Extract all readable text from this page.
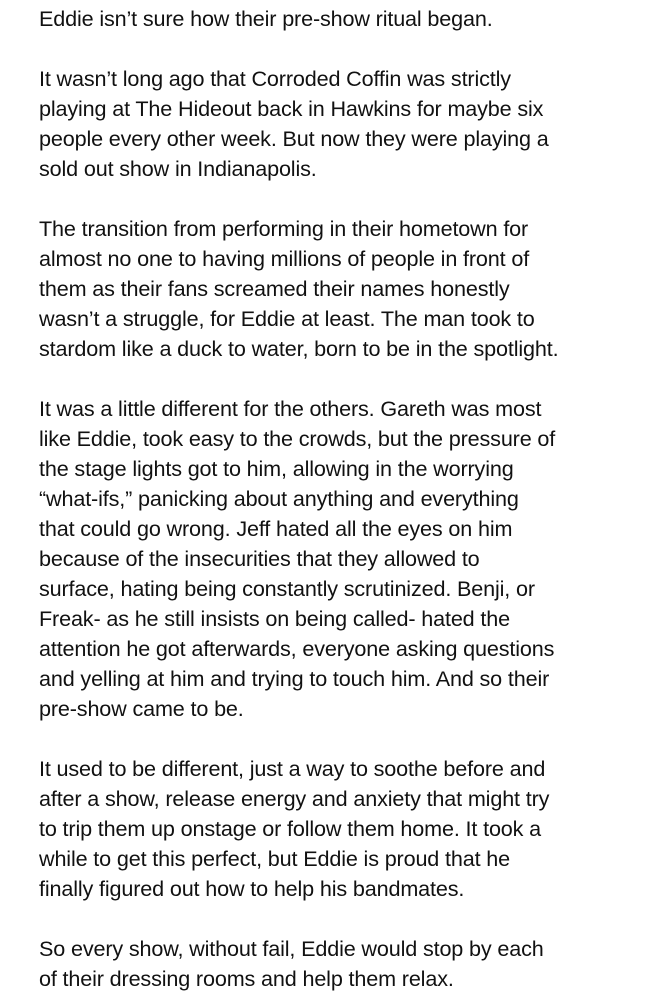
Eddie isn’t sure how their pre-show ritual began.

It wasn’t long ago that Corroded Coffin was strictly
playing at The Hideout back in Hawkins for maybe six
people every other week. But now they were playing a
sold out show in Indianapolis.

The transition from performing in their hometown for
almost no one to having millions of people in front of
them as their fans screamed their names honestly
wasn’t a struggle, for Eddie at least. The man took to
stardom like a duck to water, born to be in the spotlight.

It was a little different for the others. Gareth was most
like Eddie, took easy to the crowds, but the pressure of
the stage lights got to him, allowing in the worrying
“what-ifs,” panicking about anything and everything
that could go wrong. Jeff hated all the eyes on him
because of the insecurities that they allowed to
surface, hating being constantly scrutinized. Benji, or
Freak- as he still insists on being called- hated the
attention he got afterwards, everyone asking questions
and yelling at him and trying to touch him. And so their
pre-show came to be.

It used to be different, just a way to soothe before and
after a show, release energy and anxiety that might try
to trip them up onstage or follow them home. It took a
while to get this perfect, but Eddie is proud that he
finally figured out how to help his bandmates.

So every show, without fail, Eddie would stop by each
of their dressing rooms and help them relax.
